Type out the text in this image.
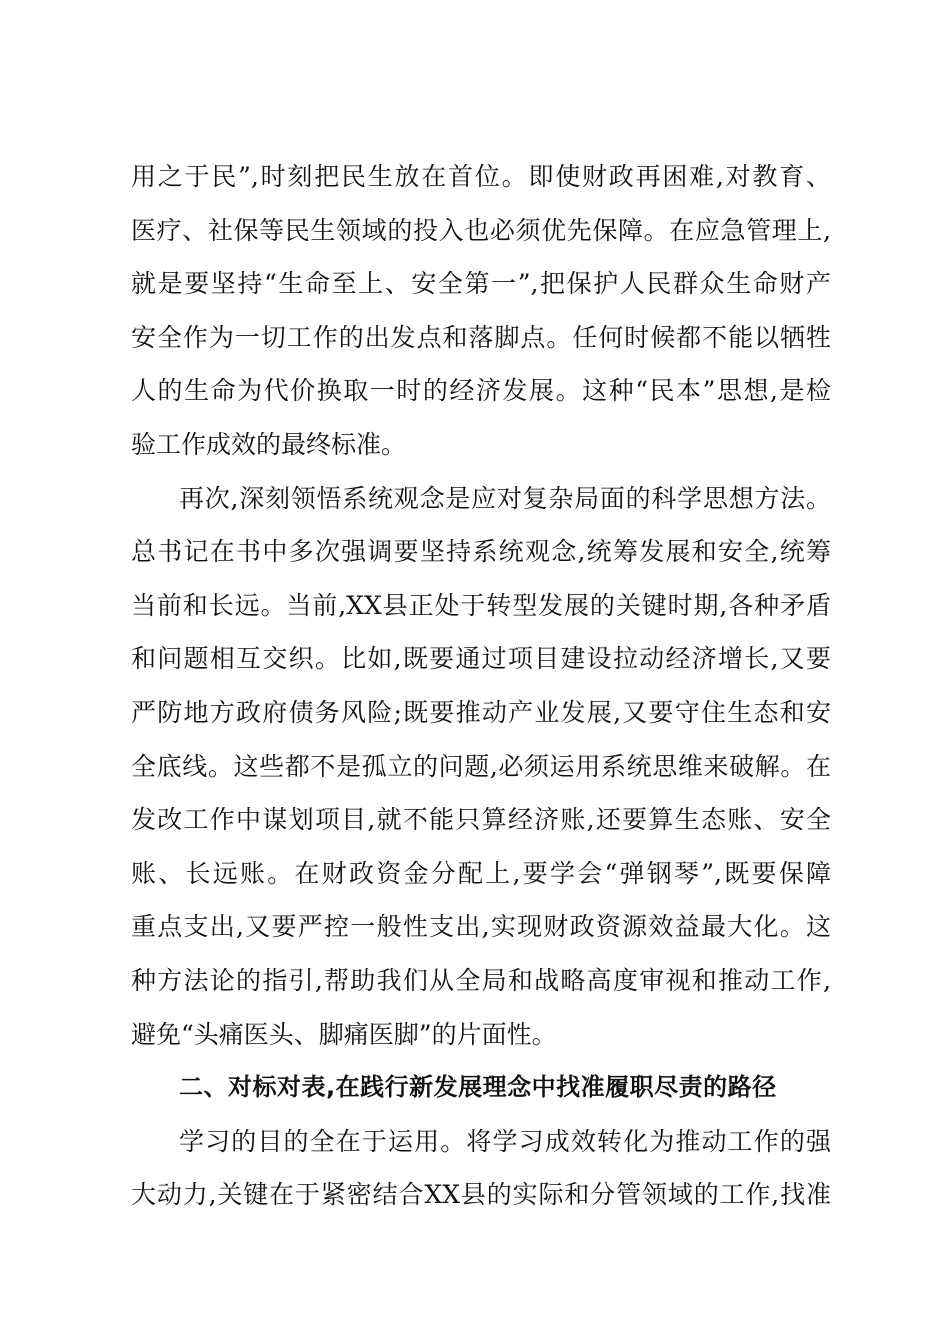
用之于民”,时刻把民生放在首位。即使财政再困难,对教育、
医疗、社保等民生领域的投入也必须优先保障。在应急管理上,
就是要坚持“生命至上、安全第一”,把保护人民群众生命财产
安全作为一切工作的出发点和落脚点。任何时候都不能以牺牲
人的生命为代价换取一时的经济发展。这种“民本”思想,是检
验工作成效的最终标准。
再次,深刻领悟系统观念是应对复杂局面的科学思想方法。
总书记在书中多次强调要坚持系统观念,统筹发展和安全,统筹
当前和长远。当前,XX县正处于转型发展的关键时期,各种矛盾
和问题相互交织。比如,既要通过项目建设拉动经济增长,又要
严防地方政府债务风险;既要推动产业发展,又要守住生态和安
全底线。这些都不是孤立的问题,必须运用系统思维来破解。在
发改工作中谋划项目,就不能只算经济账,还要算生态账、安全
账、长远账。在财政资金分配上,要学会“弹钢琴”,既要保障
重点支出,又要严控一般性支出,实现财政资源效益最大化。这
种方法论的指引,帮助我们从全局和战略高度审视和推动工作,
避免“头痛医头、脚痛医脚”的片面性。
二、对标对表,在践行新发展理念中找准履职尽责的路径
学习的目的全在于运用。将学习成效转化为推动工作的强
大动力,关键在于紧密结合XX县的实际和分管领域的工作,找准
